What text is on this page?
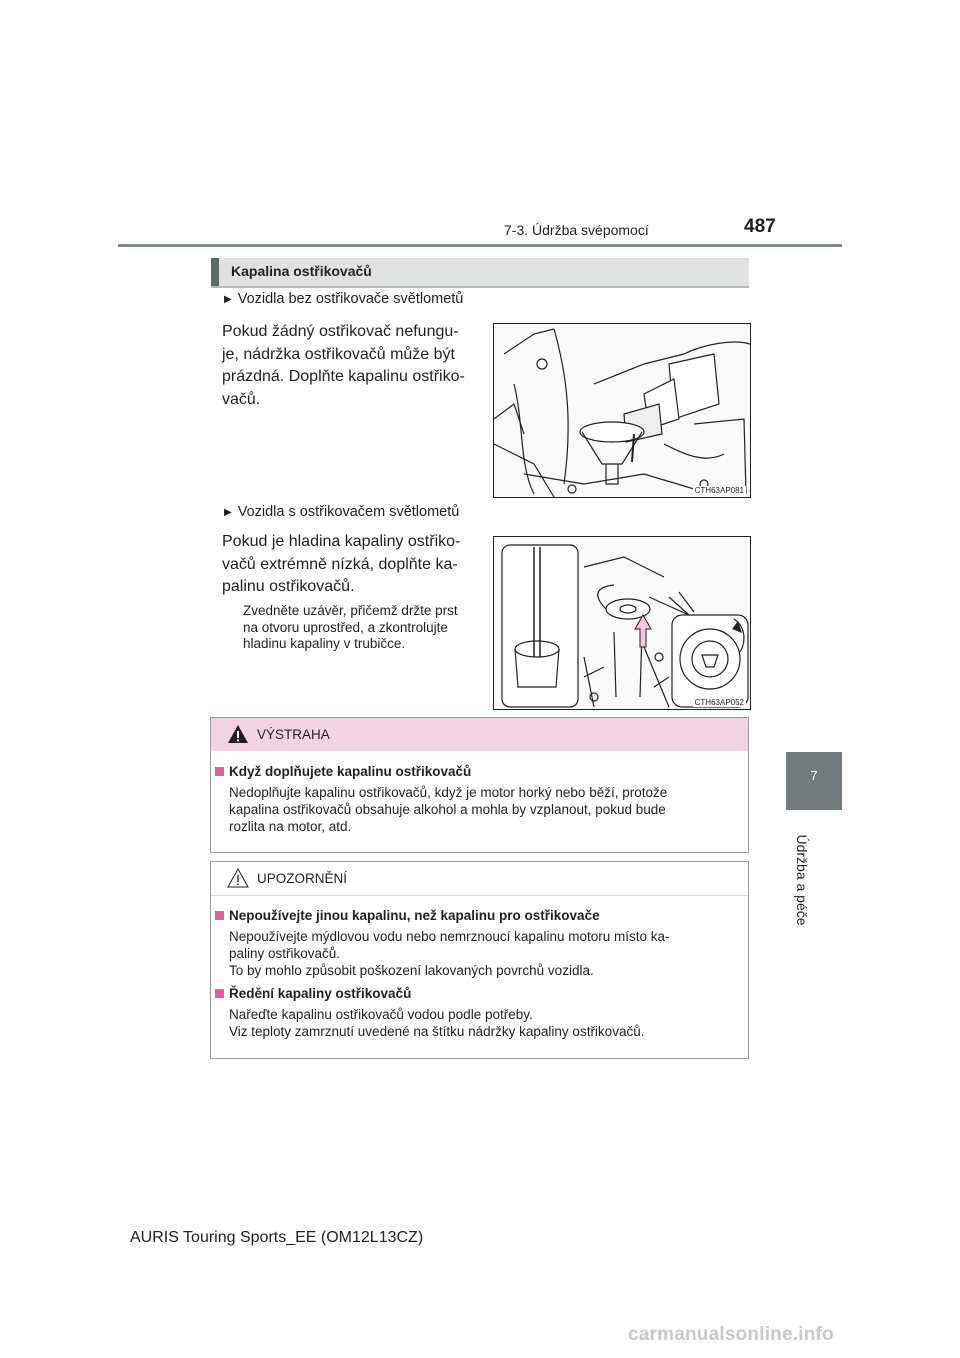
7-3. Údržba svépomocí	487
7
Údržba a péče
Kapalina ostřikovačů
▶ Vozidla bez ostřikovače světlometů
Pokud žádný ostřikovač nefungu-
je, nádržka ostřikovačů může být
prázdná. Doplňte kapalinu ostřiko-
vačů.
CTH63AP081
▶ Vozidla s ostřikovačem světlometů
Pokud je hladina kapaliny ostřiko-
vačů extrémně nízká, doplňte ka-
palinu ostřikovačů.
Zvedněte uzávěr, přičemž držte prst
na otvoru uprostřed, a zkontrolujte
hladinu kapaliny v trubičce.
CTH63AP052
VÝSTRAHA
Když doplňujete kapalinu ostřikovačů
Nedoplňujte kapalinu ostřikovačů, když je motor horký nebo běží, protože
kapalina ostřikovačů obsahuje alkohol a mohla by vzplanout, pokud bude
rozlita na motor, atd.
UPOZORNĚNÍ
Nepoužívejte jinou kapalinu, než kapalinu pro ostřikovače
Nepoužívejte mýdlovou vodu nebo nemrznoucí kapalinu motoru místo ka-
paliny ostřikovačů.
To by mohlo způsobit poškození lakovaných povrchů vozidla.
Ředění kapaliny ostřikovačů
Nařeďte kapalinu ostřikovačů vodou podle potřeby.
Viz teploty zamrznutí uvedené na štítku nádržky kapaliny ostřikovačů.
AURIS Touring Sports_EE (OM12L13CZ)
carmanualsonline.info
